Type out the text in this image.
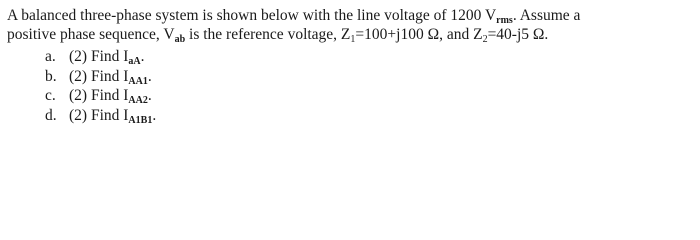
A balanced three-phase system is shown below with the line voltage of 1200 $V_{rms}$. Assume a
positive phase sequence, $V_{ab}$ is the reference voltage, $Z_1=100+j100$ Ω, and $Z_2=40-j5$ Ω.
a. (2) Find $I_{aA}$.
b. (2) Find $I_{AA1}$.
c. (2) Find $I_{AA2}$.
d. (2) Find $I_{A1B1}$.
